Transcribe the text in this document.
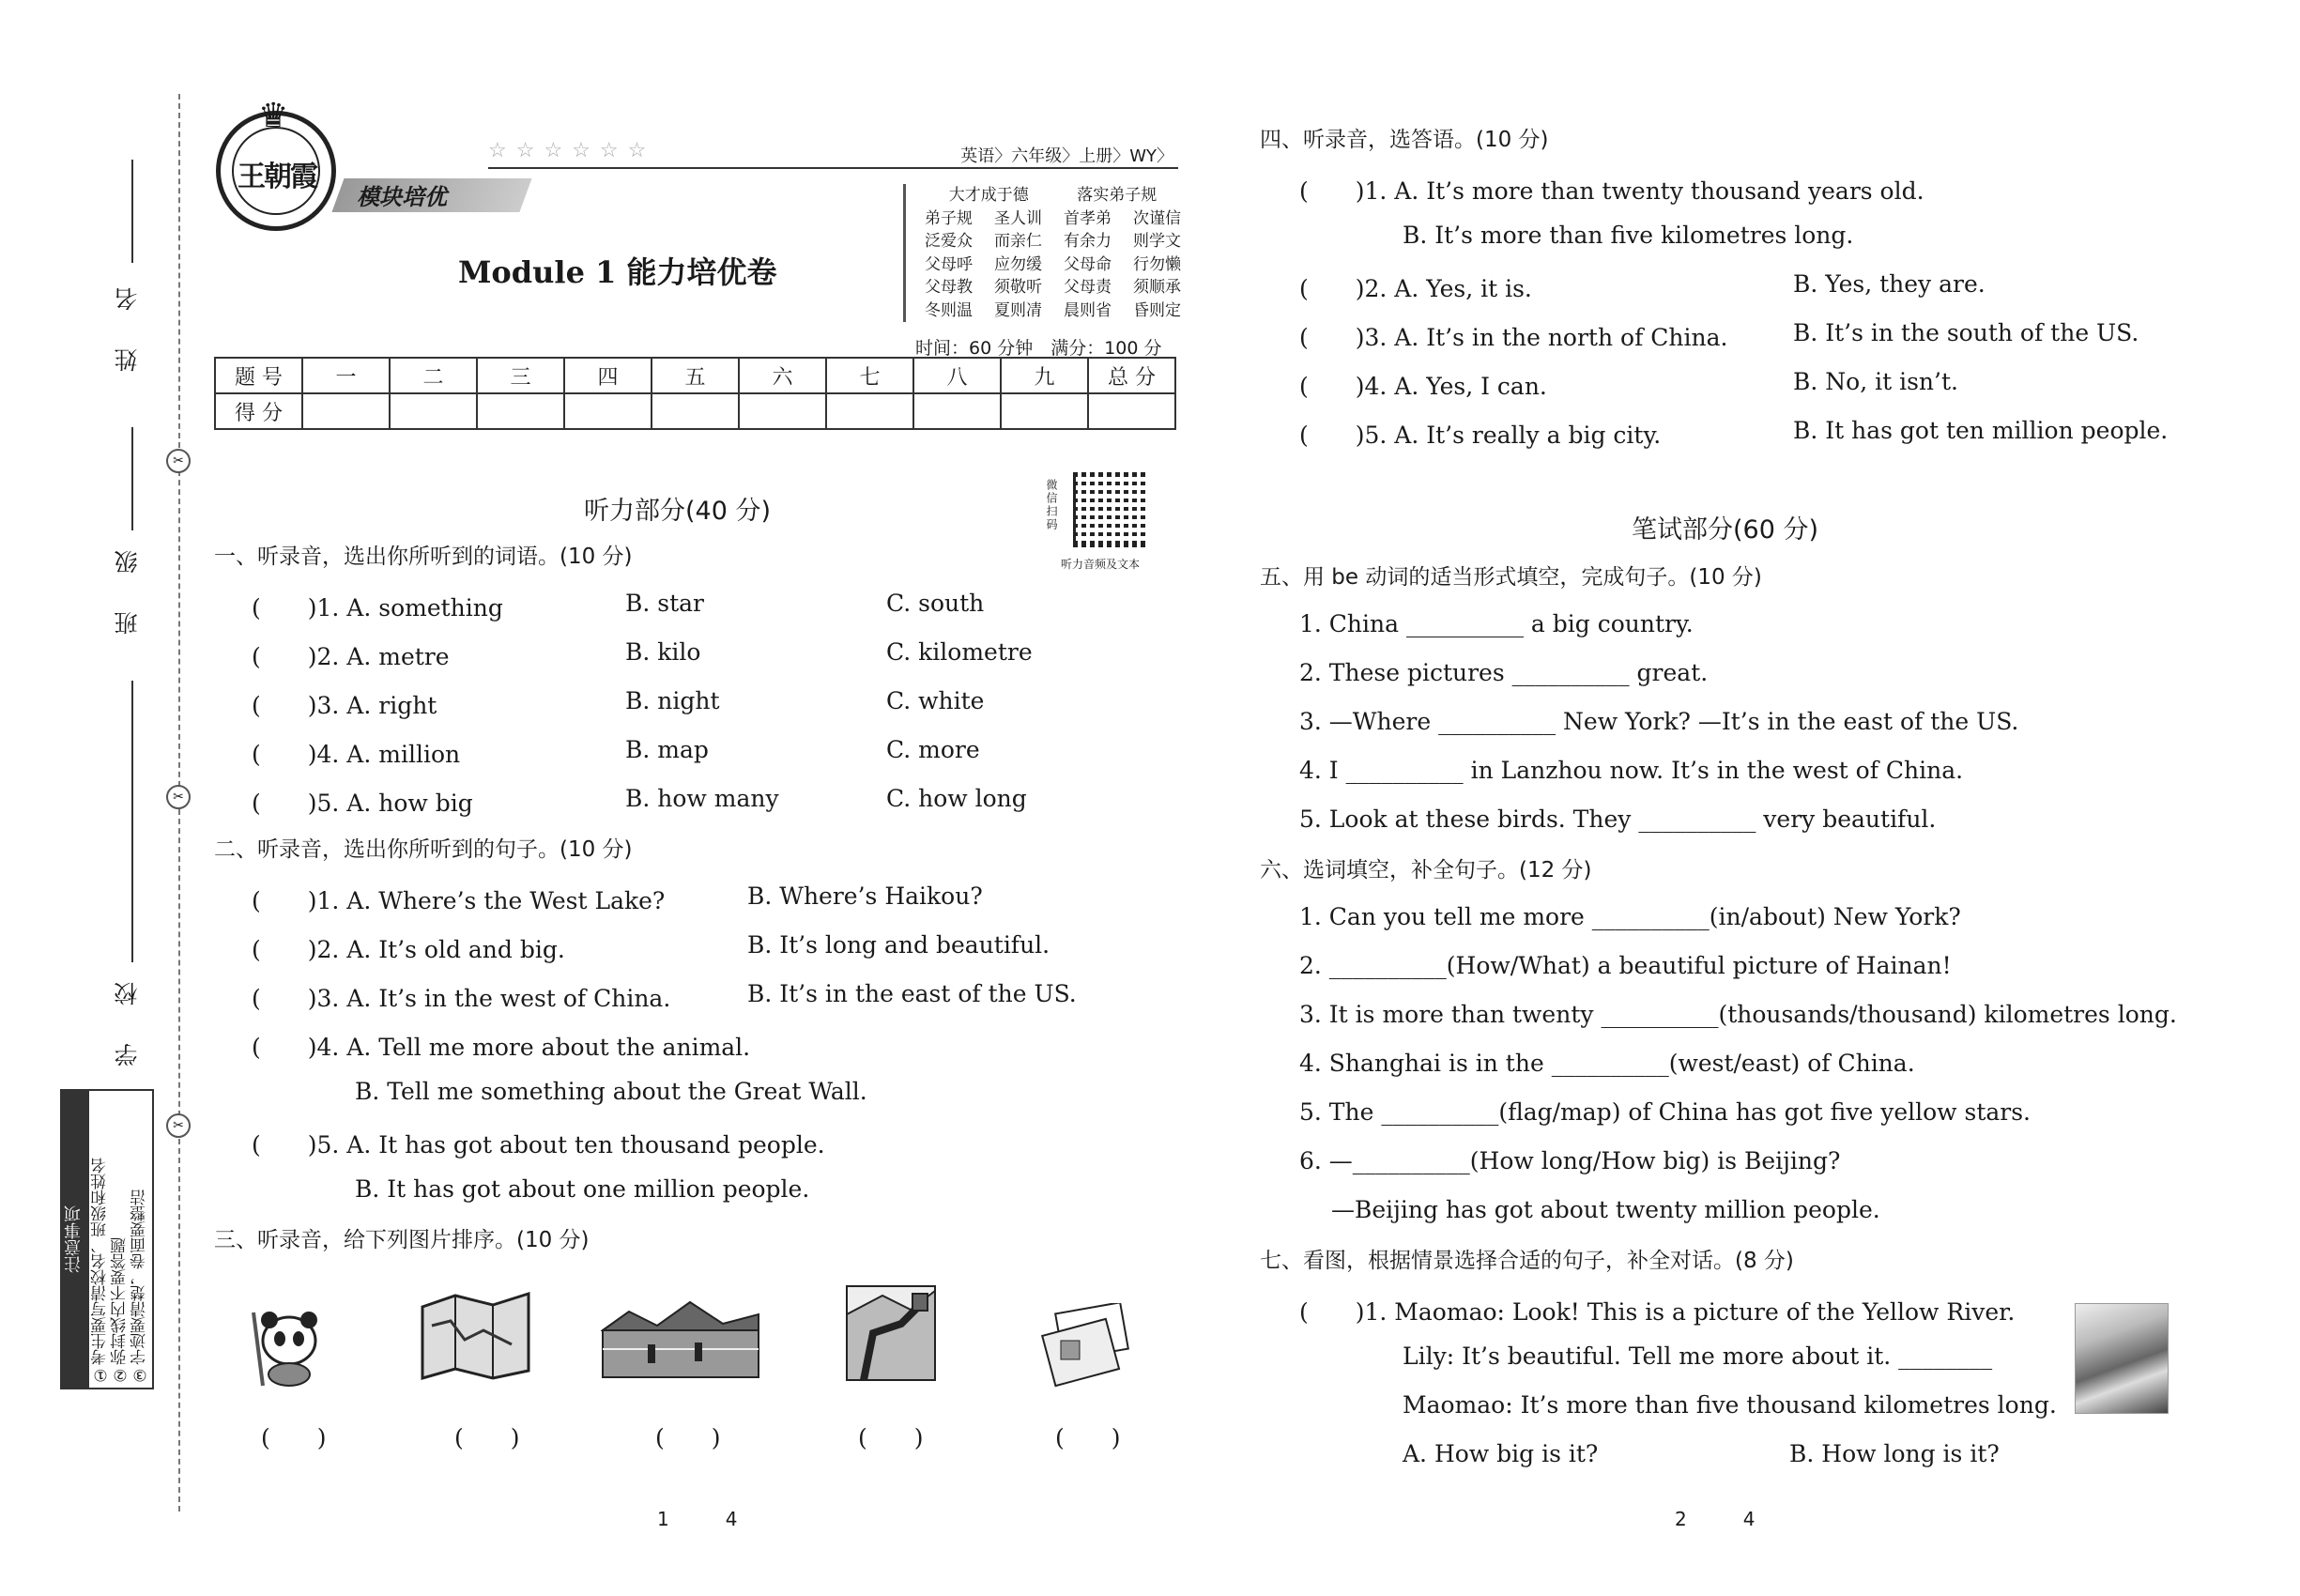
姓 名
班 级
学 校
✂
✂
✂
注意事项 ①考生要写清校名、班级和姓名 ②弥封线内不要答题 ③字迹要清楚，卷面要整洁
♛
王朝霞
☆☆☆☆☆☆	英语〉六年级〉上册〉WY〉
模块培优
Module 1 能力培优卷
大才成于德	落实弟子规
弟子规 圣人训 首孝弟 次谨信
泛爱众 而亲仁 有余力 则学文
父母呼 应勿缓 父母命 行勿懒
父母教 须敬听 父母责 须顺承
冬则温 夏则凊 晨则省 昏则定
时间：60 分钟　满分：100 分
题 号	一	二	三	四	五	六	七	八	九	总 分
得 分										
听力部分(40 分)	微信扫码
听力音频及文本
一、听录音，选出你所听到的词语。(10 分)
(　　)1. A. something	B. star	C. south
(　　)2. A. metre	B. kilo	C. kilometre
(　　)3. A. right	B. night	C. white
(　　)4. A. million	B. map	C. more
(　　)5. A. how big	B. how many	C. how long
二、听录音，选出你所听到的句子。(10 分)
(　　)1. A. Where’s the West Lake?	B. Where’s Haikou?
(　　)2. A. It’s old and big.	B. It’s long and beautiful.
(　　)3. A. It’s in the west of China.	B. It’s in the east of the US.
(　　)4. A. Tell me more about the animal.
B. Tell me something about the Great Wall.
(　　)5. A. It has got about ten thousand people.
B. It has got about one million people.
三、听录音，给下列图片排序。(10 分)
(　　)	(　　)	(　　)	(　　)	(　　)
1　　　4
四、听录音，选答语。(10 分)
(　　)1. A. It’s more than twenty thousand years old.
B. It’s more than five kilometres long.
(　　)2. A. Yes, it is.	B. Yes, they are.
(　　)3. A. It’s in the north of China.	B. It’s in the south of the US.
(　　)4. A. Yes, I can.	B. No, it isn’t.
(　　)5. A. It’s really a big city.	B. It has got ten million people.
笔试部分(60 分)
五、用 be 动词的适当形式填空，完成句子。(10 分)
1. China __________ a big country.
2. These pictures __________ great.
3. —Where __________ New York? —It’s in the east of the US.
4. I __________ in Lanzhou now. It’s in the west of China.
5. Look at these birds. They __________ very beautiful.
六、选词填空，补全句子。(12 分)
1. Can you tell me more __________(in/about) New York?
2. __________(How/What) a beautiful picture of Hainan!
3. It is more than twenty __________(thousands/thousand) kilometres long.
4. Shanghai is in the __________(west/east) of China.
5. The __________(flag/map) of China has got five yellow stars.
6. —__________(How long/How big) is Beijing?
—Beijing has got about twenty million people.
七、看图，根据情景选择合适的句子，补全对话。(8 分)
(　　)1. Maomao: Look! This is a picture of the Yellow River.
Lily: It’s beautiful. Tell me more about it. ________
Maomao: It’s more than five thousand kilometres long.
A. How big is it?	B. How long is it?
2　　　4
